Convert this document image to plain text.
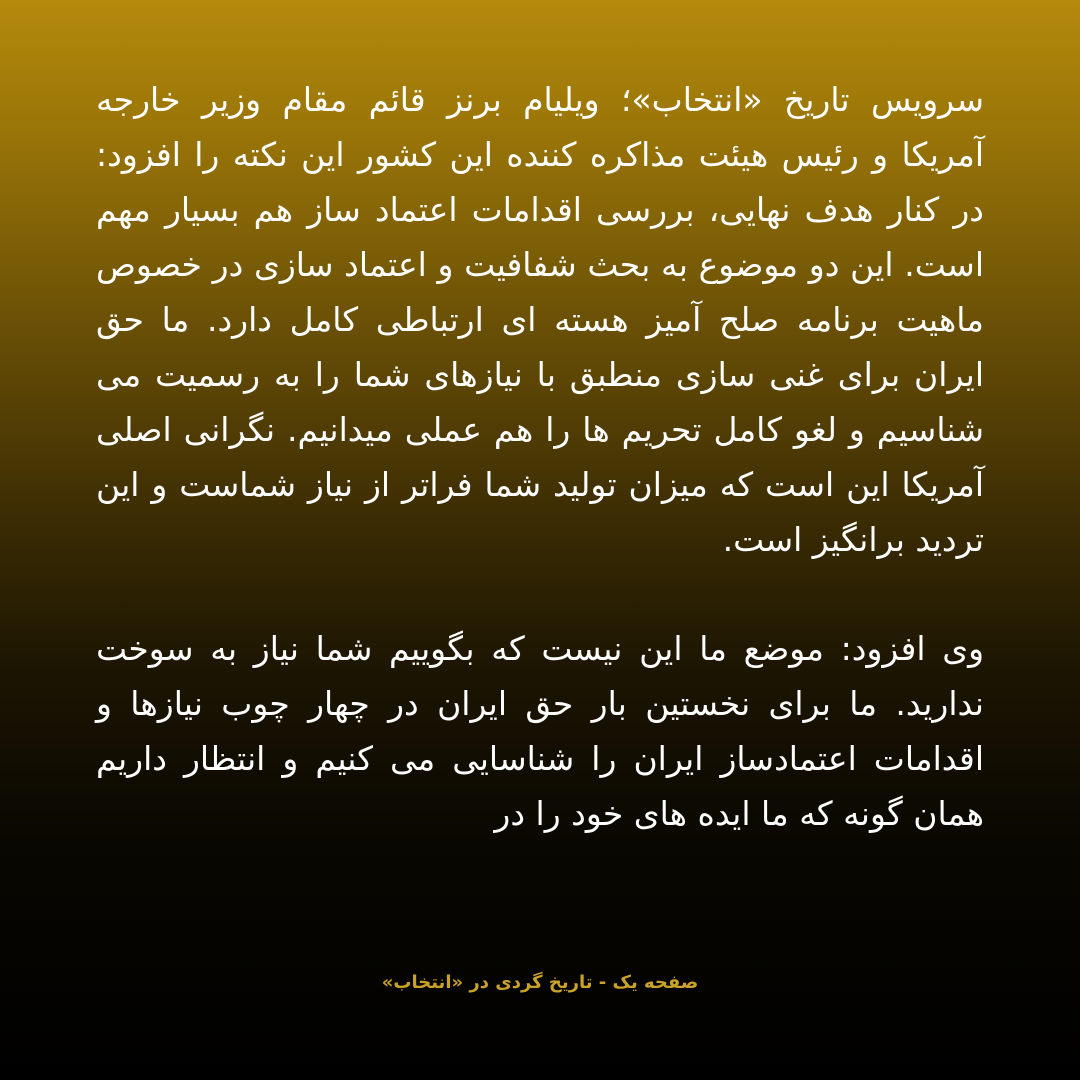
سرویس تاریخ «انتخاب»؛ ویلیام برنز قائم مقام وزیر خارجه آمریکا و رئیس هیئت مذاکره کننده این کشور این نکته را افزود: در کنار هدف نهایی، بررسی اقدامات اعتماد ساز هم بسیار مهم است. این دو موضوع به بحث شفافیت و اعتماد سازی در خصوص ماهیت برنامه صلح آمیز هسته ای ارتباطی کامل دارد. ما حق ایران برای غنی سازی منطبق با نیازهای شما را به رسمیت می شناسیم و لغو کامل تحریم ها را هم عملی میدانیم. نگرانی اصلی آمریکا این است که میزان تولید شما فراتر از نیاز شماست و این تردید برانگیز است.

وی افزود: موضع ما این نیست که بگوییم شما نیاز به سوخت ندارید. ما برای نخستین بار حق ایران در چهار چوب نیازها و اقدامات اعتمادساز ایران را شناسایی می کنیم و انتظار داریم همان گونه که ما ایده های خود را در

صفحه یک - تاریخ گردی در «انتخاب»
